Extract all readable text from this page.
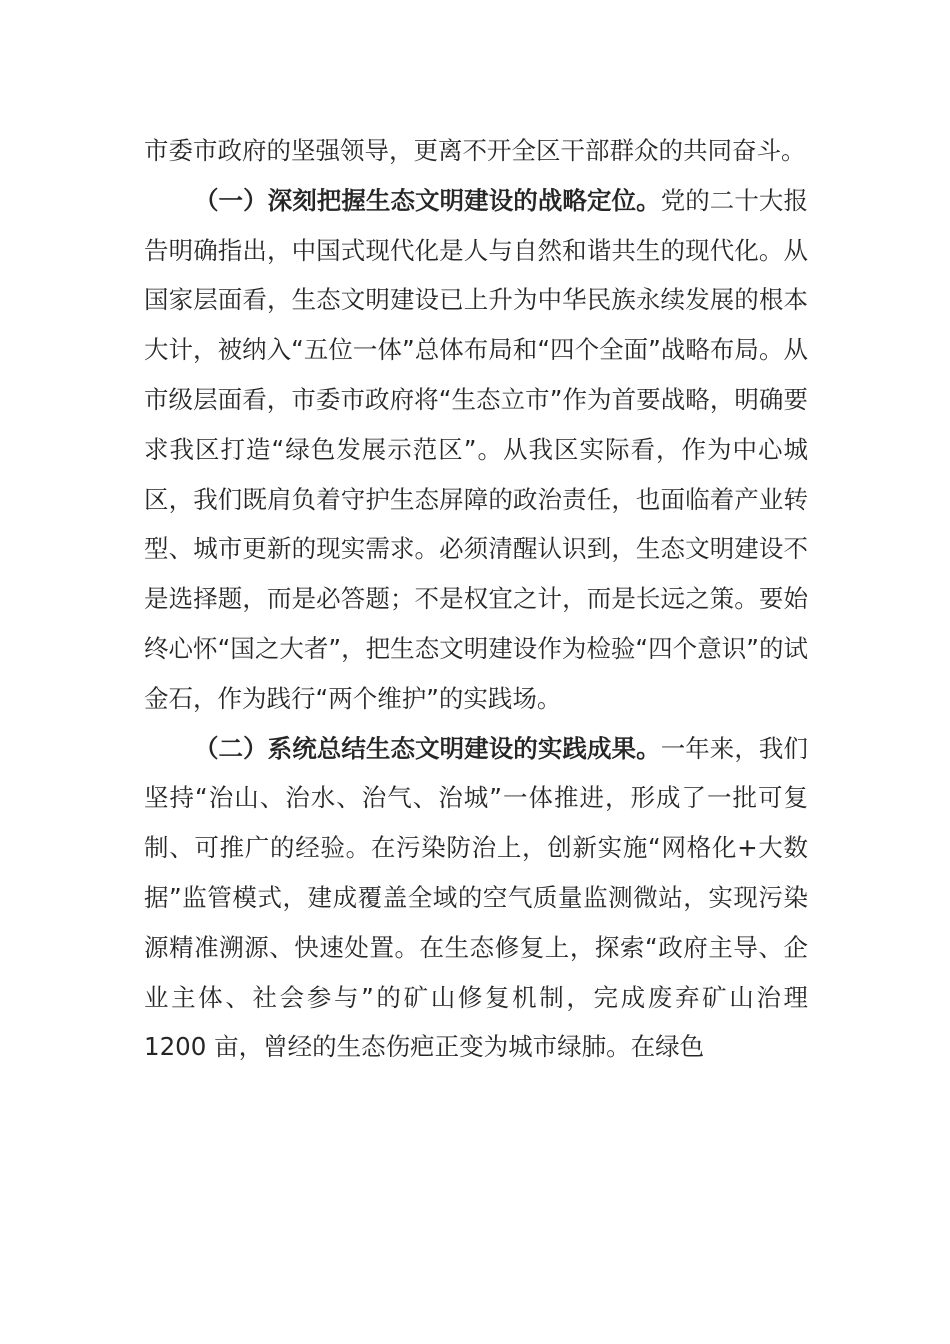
市委市政府的坚强领导，更离不开全区干部群众的共同奋斗。

（一）深刻把握生态文明建设的战略定位。党的二十大报告明确指出，中国式现代化是人与自然和谐共生的现代化。从国家层面看，生态文明建设已上升为中华民族永续发展的根本大计，被纳入“五位一体”总体布局和“四个全面”战略布局。从市级层面看，市委市政府将“生态立市”作为首要战略，明确要求我区打造“绿色发展示范区”。从我区实际看，作为中心城区，我们既肩负着守护生态屏障的政治责任，也面临着产业转型、城市更新的现实需求。必须清醒认识到，生态文明建设不是选择题，而是必答题；不是权宜之计，而是长远之策。要始终心怀“国之大者”，把生态文明建设作为检验“四个意识”的试金石，作为践行“两个维护”的实践场。

（二）系统总结生态文明建设的实践成果。一年来，我们坚持“治山、治水、治气、治城”一体推进，形成了一批可复制、可推广的经验。在污染防治上，创新实施“网格化+大数据”监管模式，建成覆盖全域的空气质量监测微站，实现污染源精准溯源、快速处置。在生态修复上，探索“政府主导、企业主体、社会参与”的矿山修复机制，完成废弃矿山治理 1200 亩，曾经的生态伤疤正变为城市绿肺。在绿色
